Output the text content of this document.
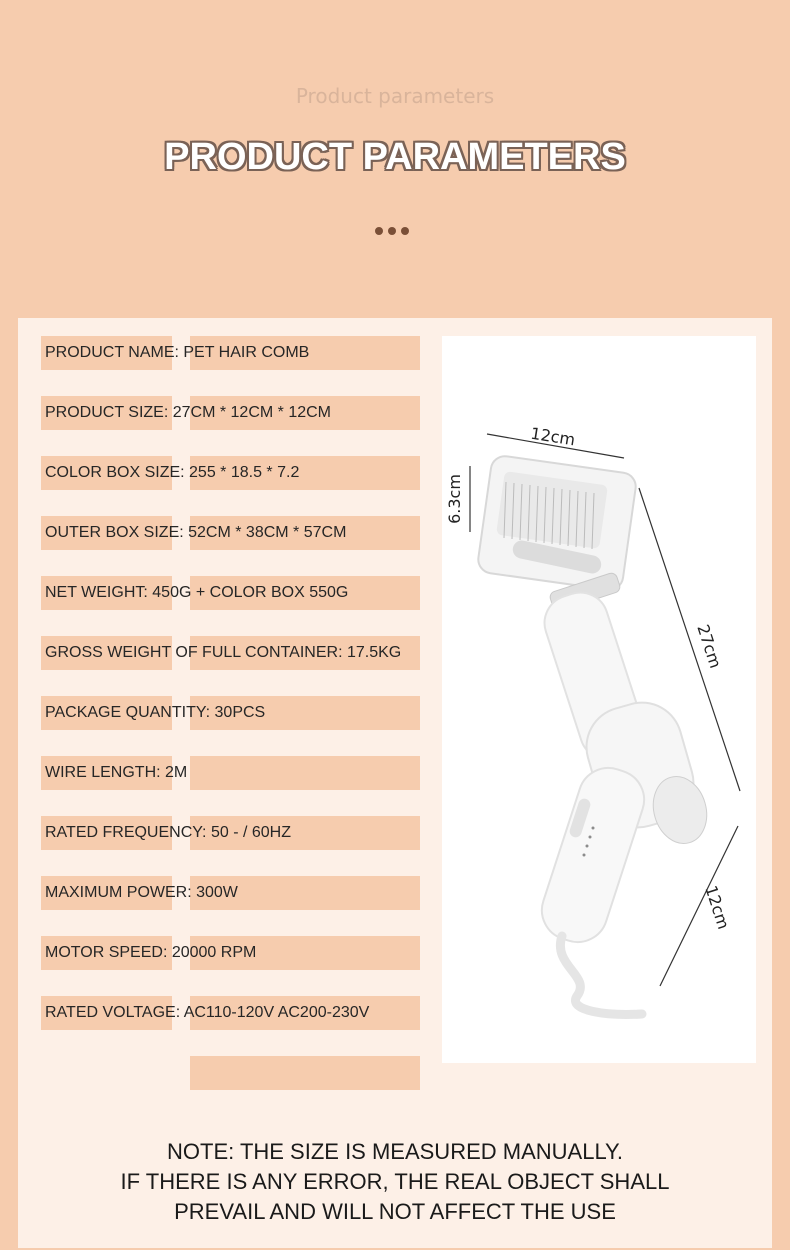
Product parameters
PRODUCT PARAMETERS
PRODUCT NAME: PET HAIR COMB
PRODUCT SIZE: 27CM * 12CM * 12CM
COLOR BOX SIZE: 255 * 18.5 * 7.2
OUTER BOX SIZE: 52CM * 38CM * 57CM
NET WEIGHT: 450G + COLOR BOX 550G
GROSS WEIGHT OF FULL CONTAINER: 17.5KG
PACKAGE QUANTITY: 30PCS
WIRE LENGTH: 2M
RATED FREQUENCY: 50 - / 60HZ
MAXIMUM POWER: 300W
MOTOR SPEED: 20000 RPM
RATED VOLTAGE: AC110-120V AC200-230V
12cm
6.3cm
27cm
12cm
NOTE: THE SIZE IS MEASURED MANUALLY.
IF THERE IS ANY ERROR, THE REAL OBJECT SHALL
PREVAIL AND WILL NOT AFFECT THE USE
